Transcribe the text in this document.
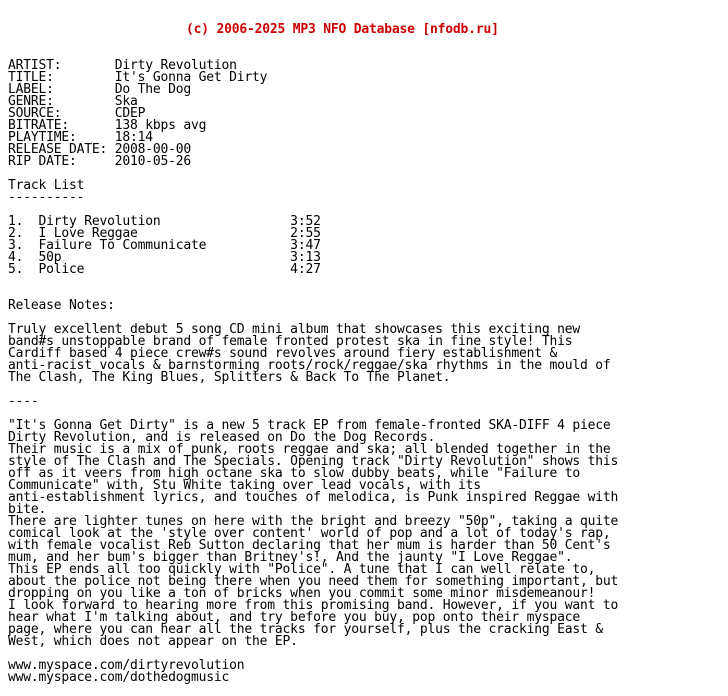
(c) 2006-2025 MP3 NFO Database [nfodb.ru]

ARTIST:       Dirty Revolution
TITLE:        It's Gonna Get Dirty
LABEL:        Do The Dog
GENRE:        Ska
SOURCE:       CDEP
BITRATE:      138 kbps avg
PLAYTIME:     18:14
RELEASE DATE: 2008-00-00
RIP DATE:     2010-05-26

Track List
----------

1.  Dirty Revolution                 3:52
2.  I Love Reggae                    2:55
3.  Failure To Communicate           3:47
4.  50p                              3:13
5.  Police                           4:27

Release Notes:

Truly excellent debut 5 song CD mini album that showcases this exciting new
band#s unstoppable brand of female fronted protest ska in fine style! This
Cardiff based 4 piece crew#s sound revolves around fiery establishment &
anti-racist vocals & barnstorming roots/rock/reggae/ska rhythms in the mould of
The Clash, The King Blues, Splitters & Back To The Planet.

----

"It's Gonna Get Dirty" is a new 5 track EP from female-fronted SKA-DIFF 4 piece
Dirty Revolution, and is released on Do the Dog Records.
Their music is a mix of punk, roots reggae and ska; all blended together in the
style of The Clash and The Specials. Opening track "Dirty Revolution" shows this
off as it veers from high octane ska to slow dubby beats, while "Failure to
Communicate" with, Stu White taking over lead vocals, with its
anti-establishment lyrics, and touches of melodica, is Punk inspired Reggae with
bite.
There are lighter tunes on here with the bright and breezy "50p", taking a quite
comical look at the 'style over content' world of pop and a lot of today's rap,
with female vocalist Reb Sutton declaring that her mum is harder than 50 Cent's
mum, and her bum's bigger than Britney's!, And the jaunty "I Love Reggae".
This EP ends all too quickly with "Police". A tune that I can well relate to,
about the police not being there when you need them for something important, but
dropping on you like a ton of bricks when you commit some minor misdemeanour!
I look forward to hearing more from this promising band. However, if you want to
hear what I'm talking about, and try before you buy, pop onto their myspace
page, where you can hear all the tracks for yourself, plus the cracking East &
West, which does not appear on the EP.

www.myspace.com/dirtyrevolution
www.myspace.com/dothedogmusic
